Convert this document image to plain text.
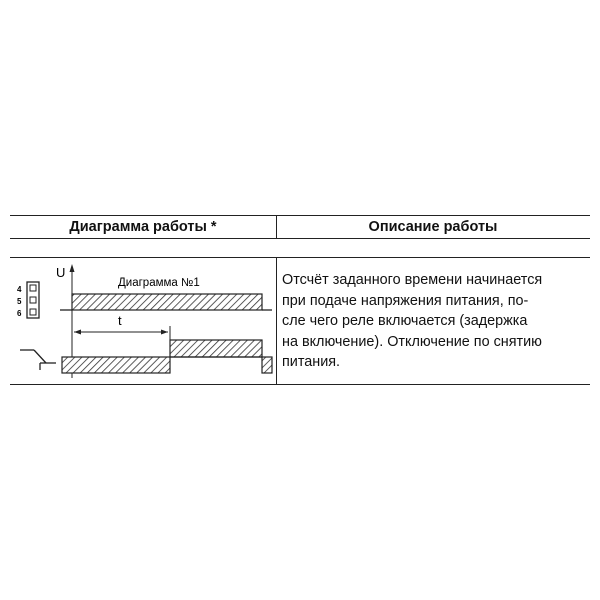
Диаграмма работы *	Описание работы
Отсчёт заданного времени начинается
при подаче напряжения питания, по-
сле чего реле включается (задержка
на включение). Отключение по снятию
питания.
4
5
6
U
Диаграмма №1
t
